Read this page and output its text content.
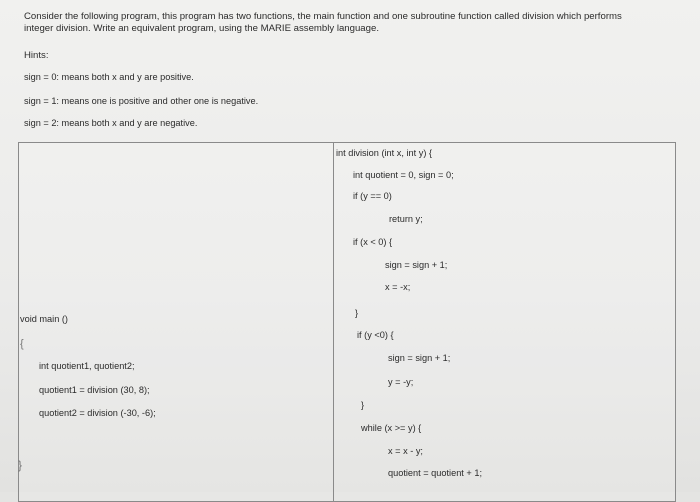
Consider the following program, this program has two functions, the main function and one subroutine function called division which performs
integer division. Write an equivalent program, using the MARIE assembly language.
Hints:
sign = 0: means both x and y are positive.
sign = 1: means one is positive and other one is negative.
sign = 2: means both x and y are negative.
void main ()
{
int quotient1, quotient2;
quotient1 = division (30, 8);
quotient2 = division (-30, -6);
}
int division (int x, int y) {
int quotient = 0, sign = 0;
if (y == 0)
return y;
if (x < 0) {
sign = sign + 1;
x = -x;
}
if (y <0) {
sign = sign + 1;
y = -y;
}
while (x >= y) {
x = x - y;
quotient = quotient + 1;
